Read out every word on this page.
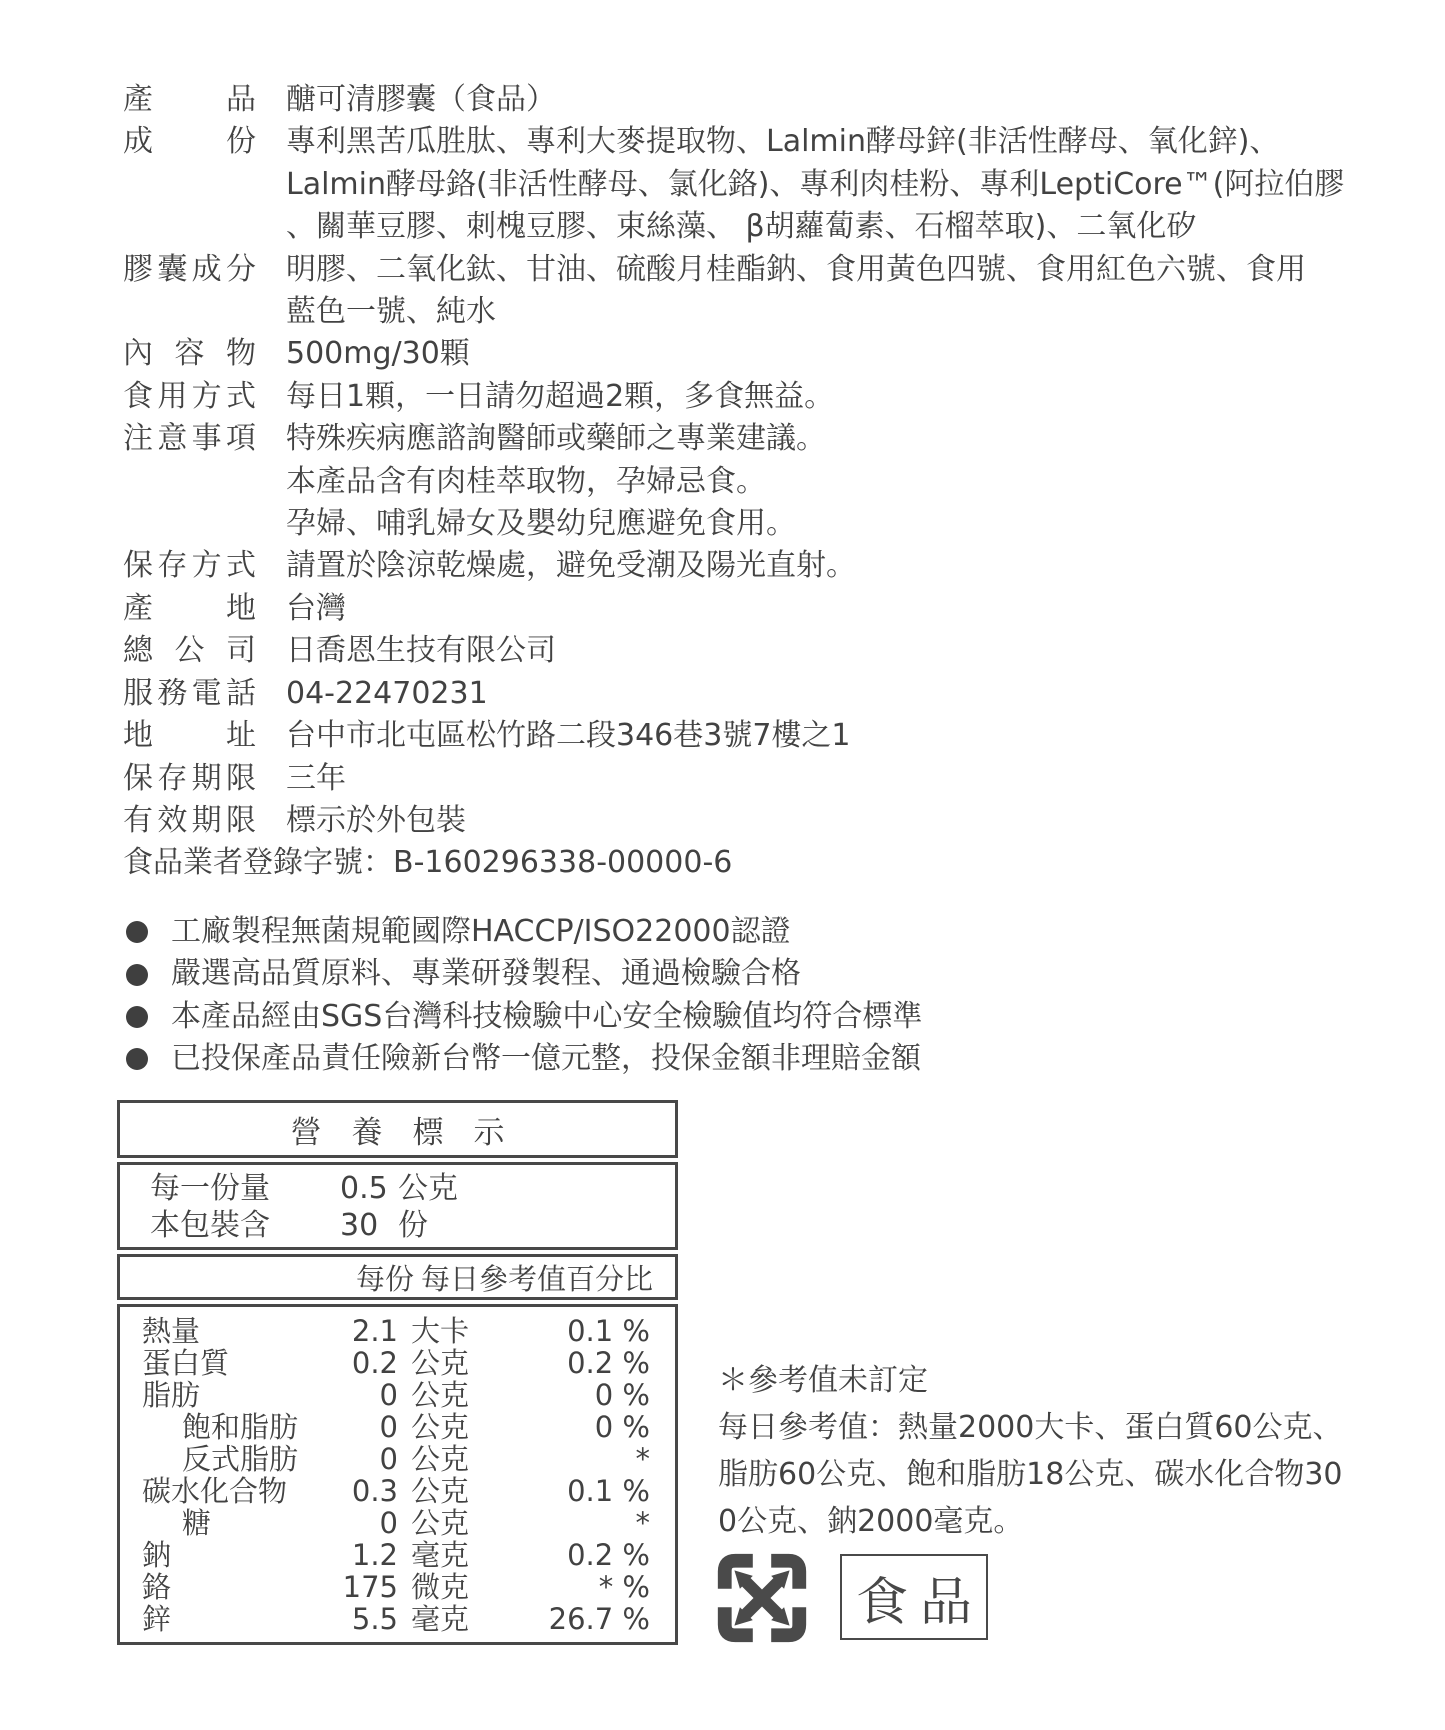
產品 醣可清膠囊（食品）
成份 專利黑苦瓜胜肽、專利大麥提取物、Lalmin酵母鋅(非活性酵母、氧化鋅)、
Lalmin酵母鉻(非活性酵母、氯化鉻)、專利肉桂粉、專利LeptiCore™(阿拉伯膠
、關華豆膠、刺槐豆膠、束絲藻、 β胡蘿蔔素、石榴萃取)、二氧化矽
膠囊成分 明膠、二氧化鈦、甘油、硫酸月桂酯鈉、食用黃色四號、食用紅色六號、食用
藍色一號、純水
內容物 500mg/30顆
食用方式 每日1顆，一日請勿超過2顆，多食無益。
注意事項 特殊疾病應諮詢醫師或藥師之專業建議。
本產品含有肉桂萃取物，孕婦忌食。
孕婦、哺乳婦女及嬰幼兒應避免食用。
保存方式 請置於陰涼乾燥處，避免受潮及陽光直射。
產地 台灣
總公司 日喬恩生技有限公司
服務電話 04-22470231
地址 台中市北屯區松竹路二段346巷3號7樓之1
保存期限 三年
有效期限 標示於外包裝
食品業者登錄字號：B-160296338-00000-6
工廠製程無菌規範國際HACCP/ISO22000認證
嚴選高品質原料、專業研發製程、通過檢驗合格
本產品經由SGS台灣科技檢驗中心安全檢驗值均符合標準
已投保產品責任險新台幣一億元整，投保金額非理賠金額
營養標示
每一份量	0.5 公克
本包裝含	30 份
每份 每日參考值百分比
熱量	2.1 大卡	0.1 %
蛋白質	0.2 公克	0.2 %
脂肪	0 公克	0 %
飽和脂肪	0 公克	0 %
反式脂肪	0 公克	*
碳水化合物	0.3 公克	0.1 %
糖	0 公克	*
鈉	1.2 毫克	0.2 %
鉻	175 微克	* %
鋅	5.5 毫克	26.7 %
＊參考值未訂定
每日參考值：熱量2000大卡、蛋白質60公克、
脂肪60公克、飽和脂肪18公克、碳水化合物30
0公克、鈉2000毫克。
食品
